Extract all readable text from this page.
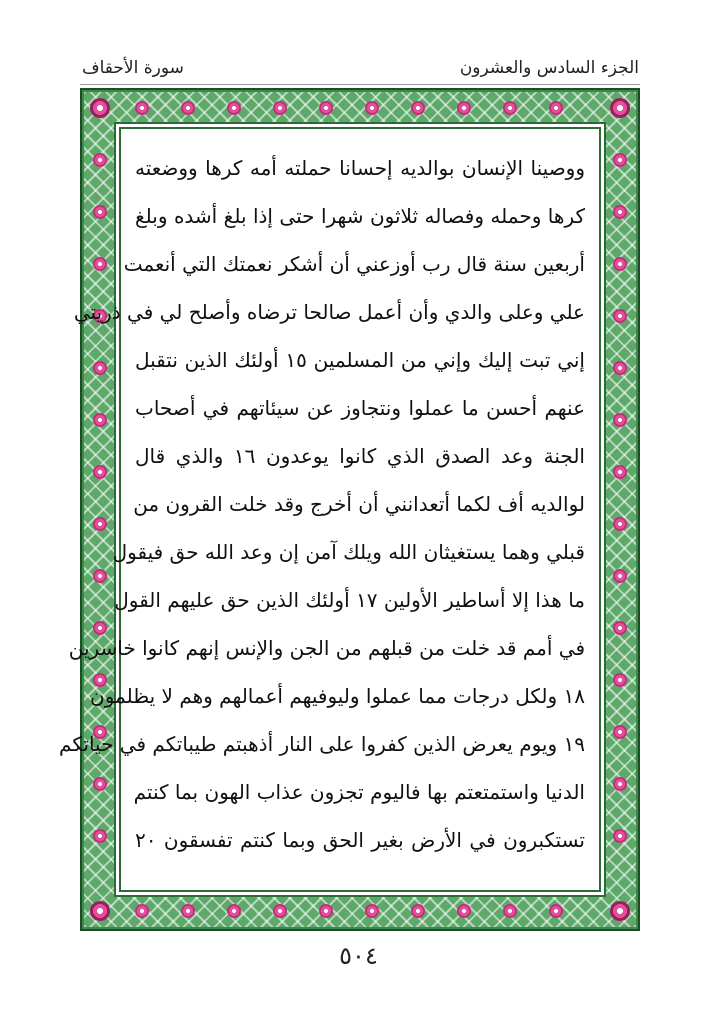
الجزء السادس والعشرون
سورة الأحقاف
ووصينا الإنسان بوالديه إحسانا حملته أمه كرها ووضعته
كرها وحمله وفصاله ثلاثون شهرا حتى إذا بلغ أشده وبلغ
أربعين سنة قال رب أوزعني أن أشكر نعمتك التي أنعمت
علي وعلى والدي وأن أعمل صالحا ترضاه وأصلح لي في ذريتي
إني تبت إليك وإني من المسلمين ١٥ أولئك الذين نتقبل
عنهم أحسن ما عملوا ونتجاوز عن سيئاتهم في أصحاب
الجنة وعد الصدق الذي كانوا يوعدون ١٦ والذي قال
لوالديه أف لكما أتعدانني أن أخرج وقد خلت القرون من
قبلي وهما يستغيثان الله ويلك آمن إن وعد الله حق فيقول
ما هذا إلا أساطير الأولين ١٧ أولئك الذين حق عليهم القول
في أمم قد خلت من قبلهم من الجن والإنس إنهم كانوا خاسرين
١٨ ولكل درجات مما عملوا وليوفيهم أعمالهم وهم لا يظلمون
١٩ ويوم يعرض الذين كفروا على النار أذهبتم طيباتكم في حياتكم
الدنيا واستمتعتم بها فاليوم تجزون عذاب الهون بما كنتم
تستكبرون في الأرض بغير الحق وبما كنتم تفسقون ٢٠
٥٠٤
